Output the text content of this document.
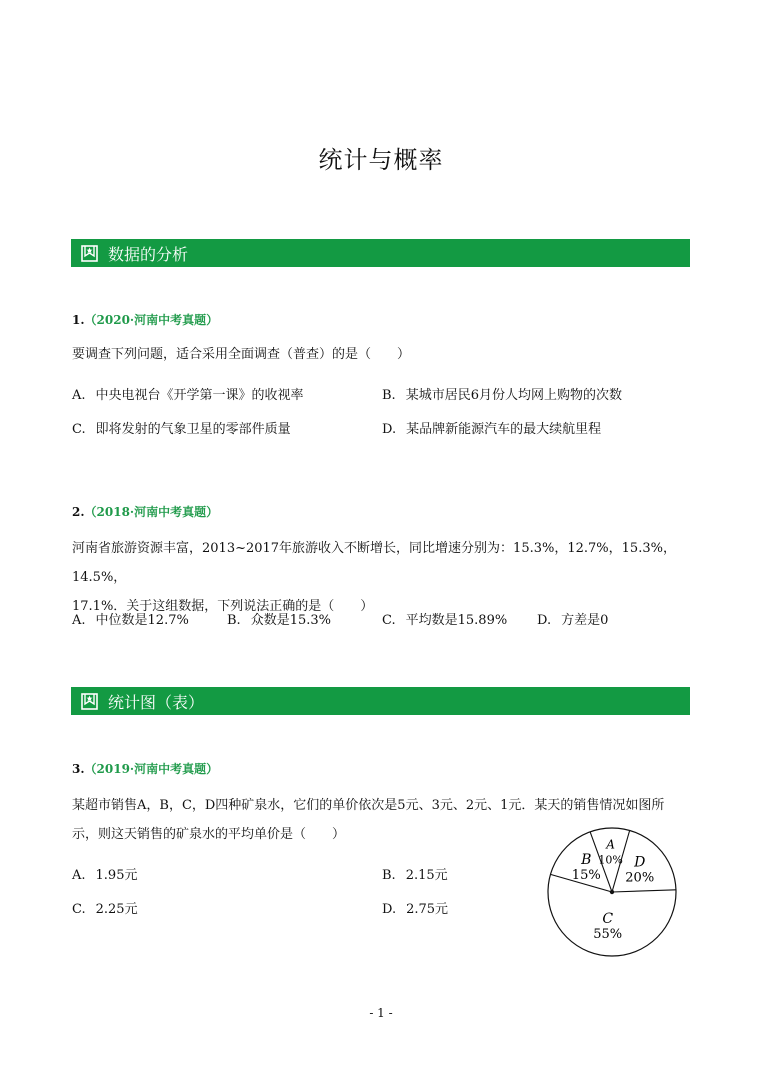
统计与概率
数据的分析
1.（2020·河南中考真题）
要调查下列问题，适合采用全面调查（普查）的是（　　）
A. 中央电视台《开学第一课》的收视率	B. 某城市居民6月份人均网上购物的次数
C. 即将发射的气象卫星的零部件质量	D. 某品牌新能源汽车的最大续航里程
2.（2018·河南中考真题）
河南省旅游资源丰富，2013~2017年旅游收入不断增长，同比增速分别为：15.3%，12.7%，15.3%，14.5%，
17.1%．关于这组数据，下列说法正确的是（　　）
A. 中位数是12.7%	B. 众数是15.3%	C. 平均数是15.89% D. 方差是0
统计图（表）
3.（2019·河南中考真题）
某超市销售A，B，C，D四种矿泉水，它们的单价依次是5元、3元、2元、1元．某天的销售情况如图所
示，则这天销售的矿泉水的平均单价是（　　）
A. 1.95元	B. 2.15元
C. 2.25元	D. 2.75元
A
10% D
20%
C
55%
B
15%
- 1 -
